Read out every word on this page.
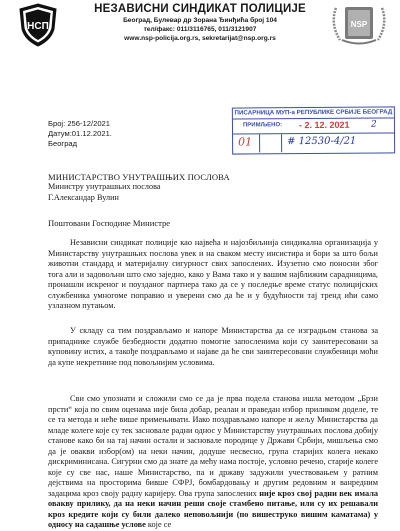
НСП
НЕЗАВИСНИ СИНДИКАТ ПОЛИЦИЈЕ
Београд, Булевар др Зорана Ђинђића број 104
тел/факс: 011/3116765, 011/3121907
www.nsp-policija.org.rs, sekretarijat@nsp.org.rs
NSP
Број: 256-12/2021
Датум:01.12.2021.
Београд
ПИСАРНИЦА МУП-а РЕПУБЛИКЕ СРБИЈЕ БЕОГРАД
ПРИМЉЕНО: - 2. 12. 2021 2
01	# 12530-4/21
МИНИСТАРСТВО УНУТРАШЊИХ ПОСЛОВА
Министру унутрашњих послова
Г.Александар Вулин
Поштовани Господине Министре
Независни синдикат полиције као највећа и најозбиљнија синдикална организација у Министарству унутрашњих послова увек и на сваком месту инсистира и бори за што бољи животни стандард и материјалну сигурност свих запослених. Изузетно смо поносни због тога али и задовољни што смо заједно, како у Вама тако и у вашим најближим сарадницима, пронашли искреног и поузданог партнера тако да се у последње време статус полицијских службеника умногоме поправио и уверени смо да ће и у будућности тај тренд ићи само узлазном путањом.
У складу са тим поздрављамо и напоре Министарства да се изградњом станова за припаднике службе безбедности додатно помогне запосленима који су заинтересовани за куповину истих, а такође поздрављамо и најаве да ће сви заинтересовани службеници моћи да купе некретнине под повољнијим условима.
Сви смо упознати и сложили смо се да је прва подела станова ишла методом „Брзи прсти“ која по свим оценама није била добар, реалан и праведан избор приликом доделе, те се та метода и неће више примењивати. Иако поздрављамо напоре и жељу Министарства да младе колеге које су тек засновале радни однос у Министарству унутрашњих послова добију станове како би на тај начин остали и засновале породице у Држави Србији, мишљења смо да је овакви избор(ом) на неки начин, додуше несвесно, група старијих колега некако дискриминисана. Сигурни смо да знате да мећу нама постоје, условно речено, старије колеге које су све нас, наше Министарство, па и државу задужили учествовањем у ратним дејствима на просторима бивше СФРЈ, бомбардовању и другим редовним и ванредним задацима кроз своју радну каријеру. Ова група запослених није кроз свој радни век имала овакву прилику, да на неки начин реши своје стамбено питање, или су их решавали кроз кредите који су били далеко неповољнији (по вишеструко вишим каматама) у односу на садашње услове које се
